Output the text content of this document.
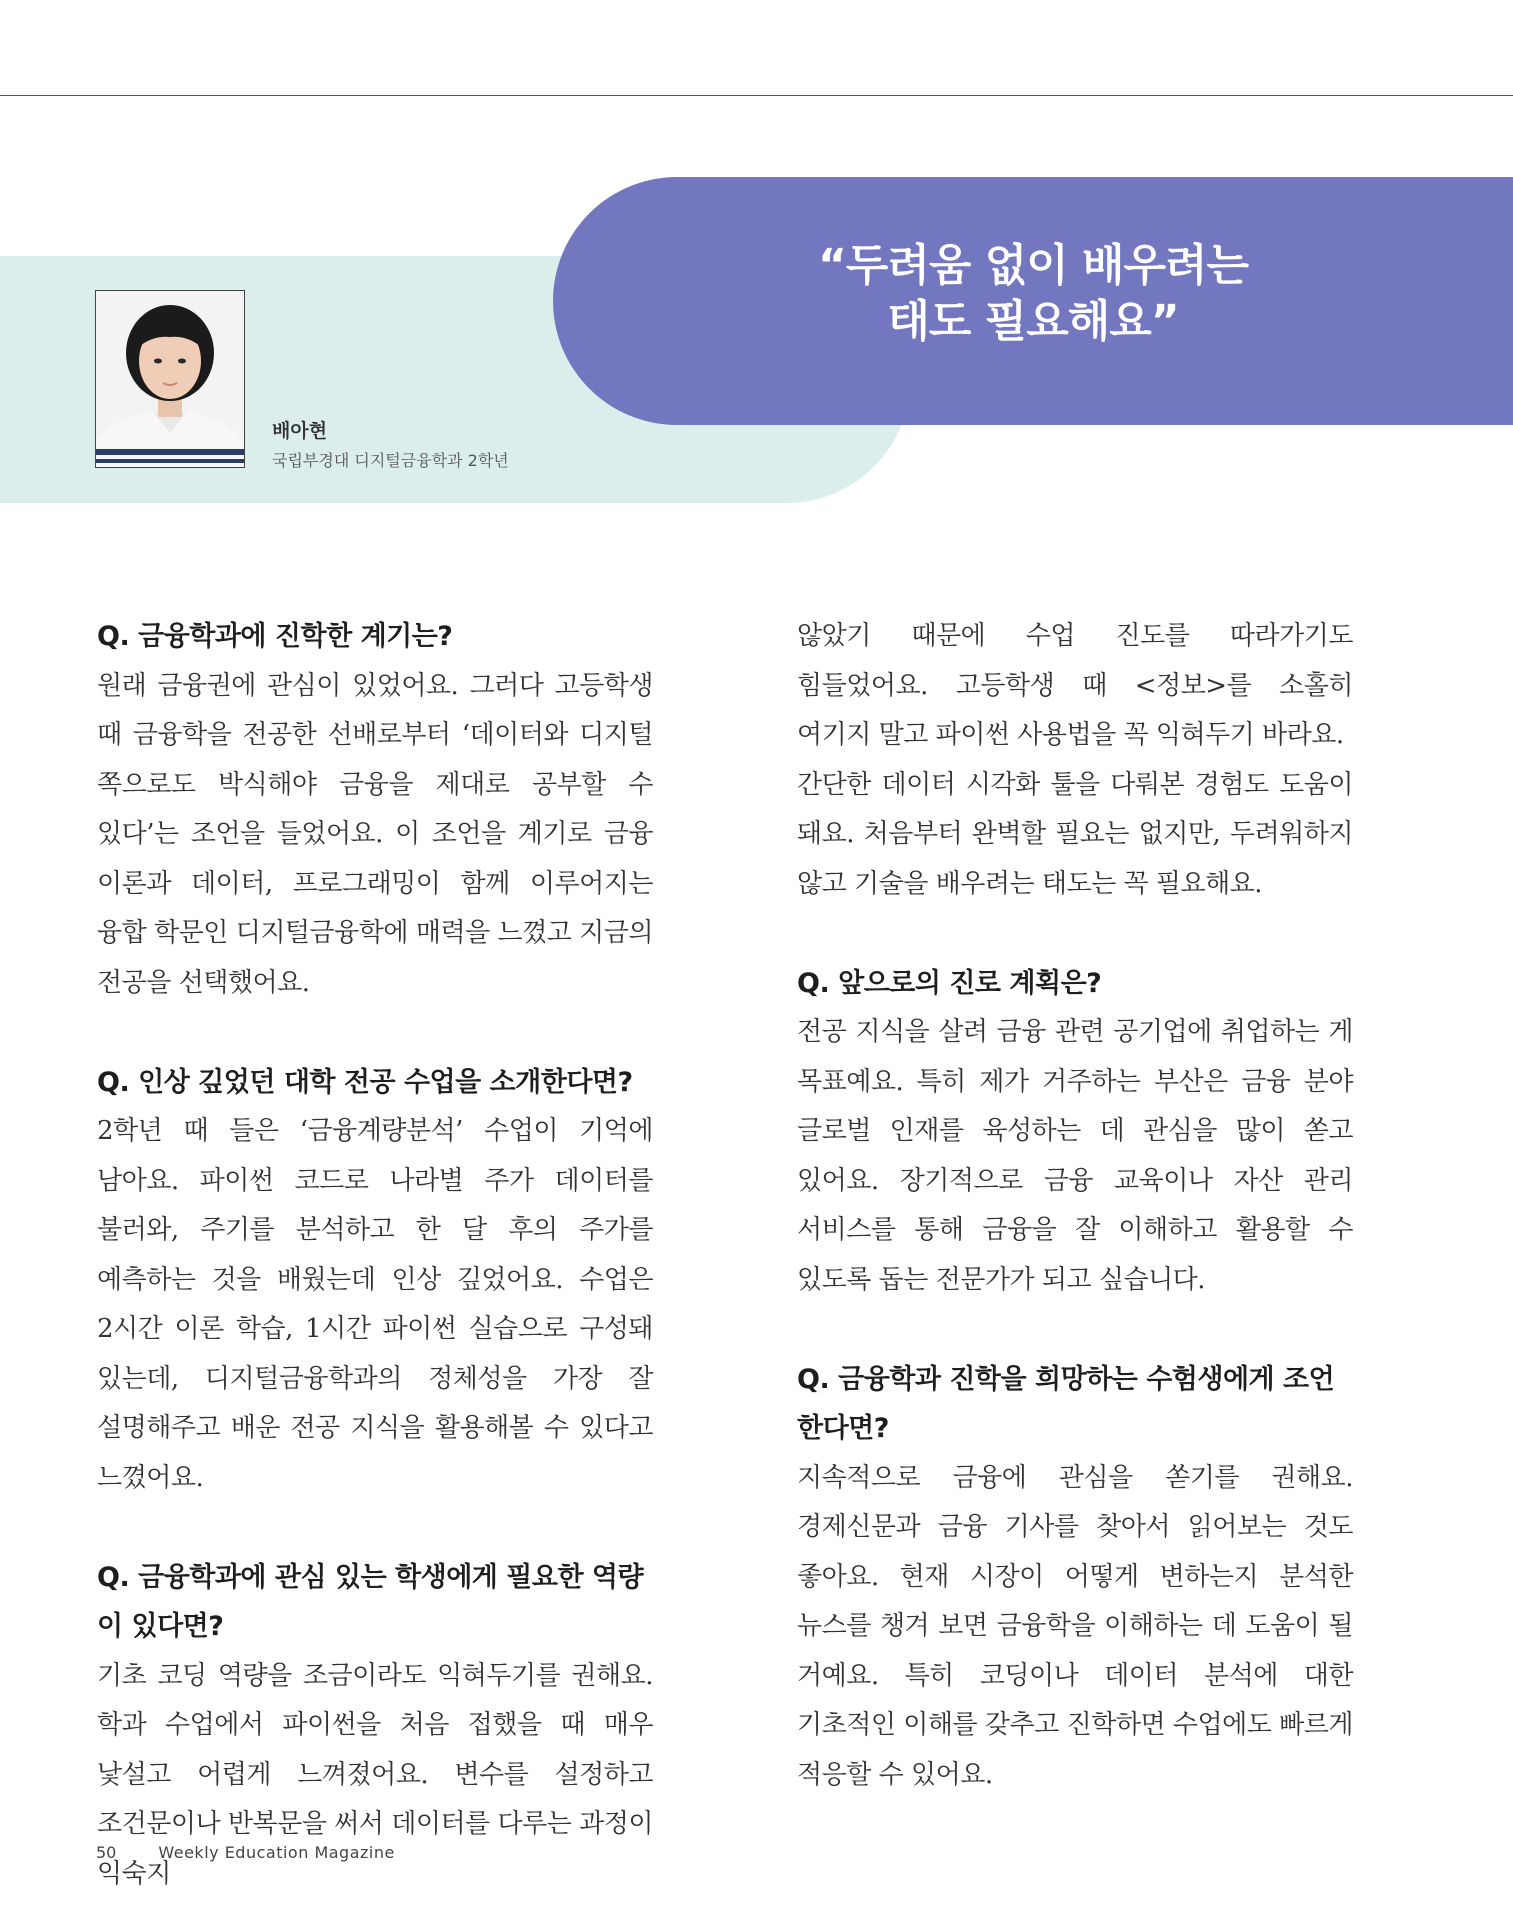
“두려움 없이 배우려는
태도 필요해요”
배아현
국립부경대 디지털금융학과 2학년

Q. 금융학과에 진학한 계기는?

원래 금융권에 관심이 있었어요. 그러다 고등학생 때 금융학을 전공한 선배로부터 ‘데이터와 디지털 쪽으로도 박식해야 금융을 제대로 공부할 수 있다’는 조언을 들었어요. 이 조언을 계기로 금융 이론과 데이터, 프로그래밍이 함께 이루어지는 융합 학문인 디지털금융학에 매력을 느꼈고 지금의 전공을 선택했어요.

Q. 인상 깊었던 대학 전공 수업을 소개한다면?

2학년 때 들은 ‘금융계량분석’ 수업이 기억에 남아요. 파이썬 코드로 나라별 주가 데이터를 불러와, 주기를 분석하고 한 달 후의 주가를 예측하는 것을 배웠는데 인상 깊었어요. 수업은 2시간 이론 학습, 1시간 파이썬 실습으로 구성돼 있는데, 디지털금융학과의 정체성을 가장 잘 설명해주고 배운 전공 지식을 활용해볼 수 있다고 느꼈어요.

Q. 금융학과에 관심 있는 학생에게 필요한 역량이 있다면?

기초 코딩 역량을 조금이라도 익혀두기를 권해요. 학과 수업에서 파이썬을 처음 접했을 때 매우 낯설고 어렵게 느껴졌어요. 변수를 설정하고 조건문이나 반복문을 써서 데이터를 다루는 과정이 익숙지

않았기 때문에 수업 진도를 따라가기도 힘들었어요. 고등학생 때 <정보>를 소홀히 여기지 말고 파이썬 사용법을 꼭 익혀두기 바라요.

간단한 데이터 시각화 툴을 다뤄본 경험도 도움이 돼요. 처음부터 완벽할 필요는 없지만, 두려워하지 않고 기술을 배우려는 태도는 꼭 필요해요.

Q. 앞으로의 진로 계획은?

전공 지식을 살려 금융 관련 공기업에 취업하는 게 목표예요. 특히 제가 거주하는 부산은 금융 분야 글로벌 인재를 육성하는 데 관심을 많이 쏟고 있어요. 장기적으로 금융 교육이나 자산 관리 서비스를 통해 금융을 잘 이해하고 활용할 수 있도록 돕는 전문가가 되고 싶습니다.

Q. 금융학과 진학을 희망하는 수험생에게 조언한다면?

지속적으로 금융에 관심을 쏟기를 권해요. 경제신문과 금융 기사를 찾아서 읽어보는 것도 좋아요. 현재 시장이 어떻게 변하는지 분석한 뉴스를 챙겨 보면 금융학을 이해하는 데 도움이 될 거예요. 특히 코딩이나 데이터 분석에 대한 기초적인 이해를 갖추고 진학하면 수업에도 빠르게 적응할 수 있어요.

50	Weekly Education Magazine
